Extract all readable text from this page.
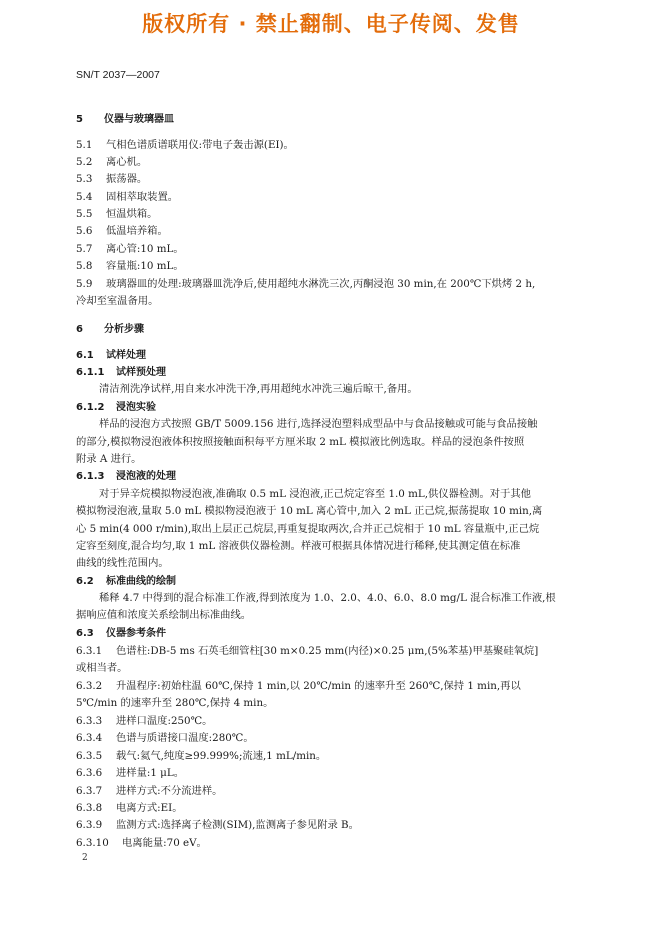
版权所有 · 禁止翻制、电子传阅、发售
SN/T 2037—2007
5 仪器与玻璃器皿
5.1 气相色谱质谱联用仪:带电子轰击源(EI)。
5.2 离心机。
5.3 振荡器。
5.4 固相萃取装置。
5.5 恒温烘箱。
5.6 低温培养箱。
5.7 离心管:10 mL。
5.8 容量瓶:10 mL。
5.9 玻璃器皿的处理:玻璃器皿洗净后,使用超纯水淋洗三次,丙酮浸泡 30 min,在 200℃下烘烤 2 h,
冷却至室温备用。
6 分析步骤
6.1 试样处理
6.1.1 试样预处理
清洁剂洗净试样,用自来水冲洗干净,再用超纯水冲洗三遍后晾干,备用。
6.1.2 浸泡实验
样品的浸泡方式按照 GB/T 5009.156 进行,选择浸泡塑料成型品中与食品接触或可能与食品接触
的部分,模拟物浸泡液体积按照接触面积每平方厘米取 2 mL 模拟液比例选取。样品的浸泡条件按照
附录 A 进行。
6.1.3 浸泡液的处理
对于异辛烷模拟物浸泡液,准确取 0.5 mL 浸泡液,正己烷定容至 1.0 mL,供仪器检测。对于其他
模拟物浸泡液,量取 5.0 mL 模拟物浸泡液于 10 mL 离心管中,加入 2 mL 正己烷,振荡提取 10 min,离
心 5 min(4 000 r/min),取出上层正己烷层,再重复提取两次,合并正己烷相于 10 mL 容量瓶中,正己烷
定容至刻度,混合均匀,取 1 mL 溶液供仪器检测。样液可根据具体情况进行稀释,使其测定值在标准
曲线的线性范围内。
6.2 标准曲线的绘制
稀释 4.7 中得到的混合标准工作液,得到浓度为 1.0、2.0、4.0、6.0、8.0 mg/L 混合标准工作液,根
据响应值和浓度关系绘制出标准曲线。
6.3 仪器参考条件
6.3.1 色谱柱:DB-5 ms 石英毛细管柱[30 m×0.25 mm(内径)×0.25 μm,(5%苯基)甲基聚硅氧烷]
或相当者。
6.3.2 升温程序:初始柱温 60℃,保持 1 min,以 20℃/min 的速率升至 260℃,保持 1 min,再以
5℃/min 的速率升至 280℃,保持 4 min。
6.3.3 进样口温度:250℃。
6.3.4 色谱与质谱接口温度:280℃。
6.3.5 载气:氦气,纯度≥99.999%;流速,1 mL/min。
6.3.6 进样量:1 μL。
6.3.7 进样方式:不分流进样。
6.3.8 电离方式:EI。
6.3.9 监测方式:选择离子检测(SIM),监测离子参见附录 B。
6.3.10 电离能量:70 eV。
2
